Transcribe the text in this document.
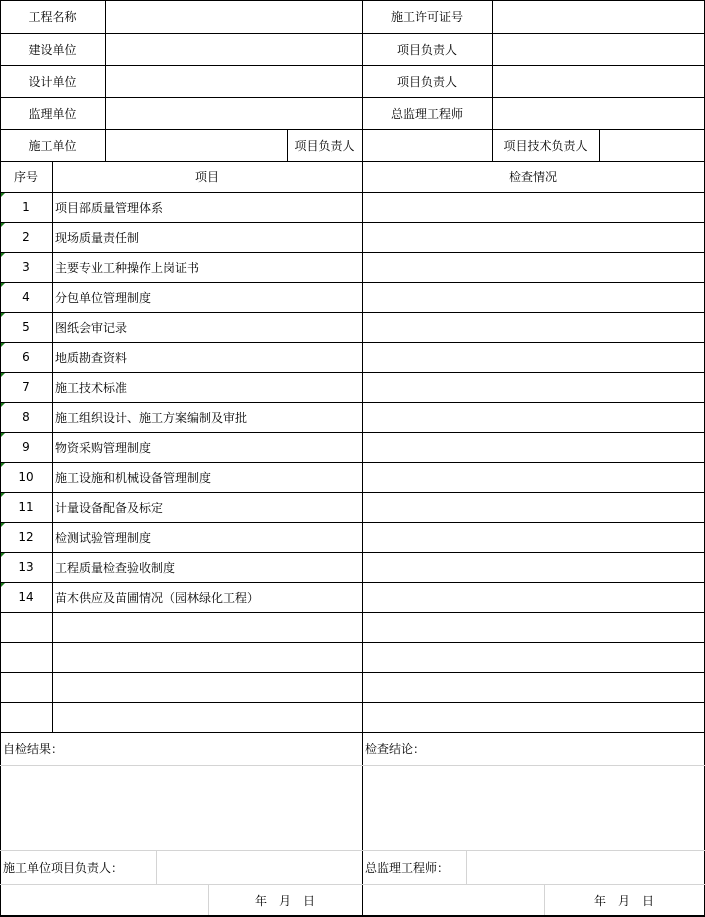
工程名称	施工许可证号
建设单位	项目负责人
设计单位	项目负责人
监理单位	总监理工程师
施工单位	项目负责人	项目技术负责人
序号	项目	检查情况
1	项目部质量管理体系
2	现场质量责任制
3	主要专业工种操作上岗证书
4	分包单位管理制度
5	图纸会审记录
6	地质勘查资料
7	施工技术标准
8	施工组织设计、施工方案编制及审批
9	物资采购管理制度
10	施工设施和机械设备管理制度
11	计量设备配备及标定
12	检测试验管理制度
13	工程质量检查验收制度
14	苗木供应及苗圃情况（园林绿化工程）
自检结果：	检查结论：
施工单位项目负责人：	总监理工程师：
年　月　日	年　月　日
